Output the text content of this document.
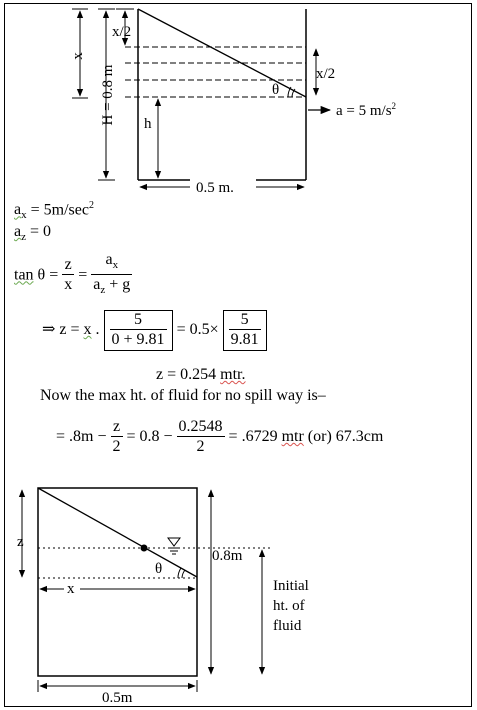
x
x/2
H = 0.8 m h
x/2
θ
a = 5 $m/s^2$
0.5 m.
z
x
θ
0.8m
Initial
ht. of
fluid
0.5m
$a_x = 5m/\sec^2$
$a_z = 0$
$\tan \theta = \frac{z}{x} = \frac{a_x}{a_z + g}$
⇒ z = x . $\frac{5}{0 + 9.81} = 0.5\times \frac{5}{9.81}$
z = 0.254 mtr.
Now the max ht. of fluid for no spill way is–
= $.8m - \frac{z}{2} = 0.8 - \frac{0.2548}{2} = .6729$ mtr (or) 67.3cm
